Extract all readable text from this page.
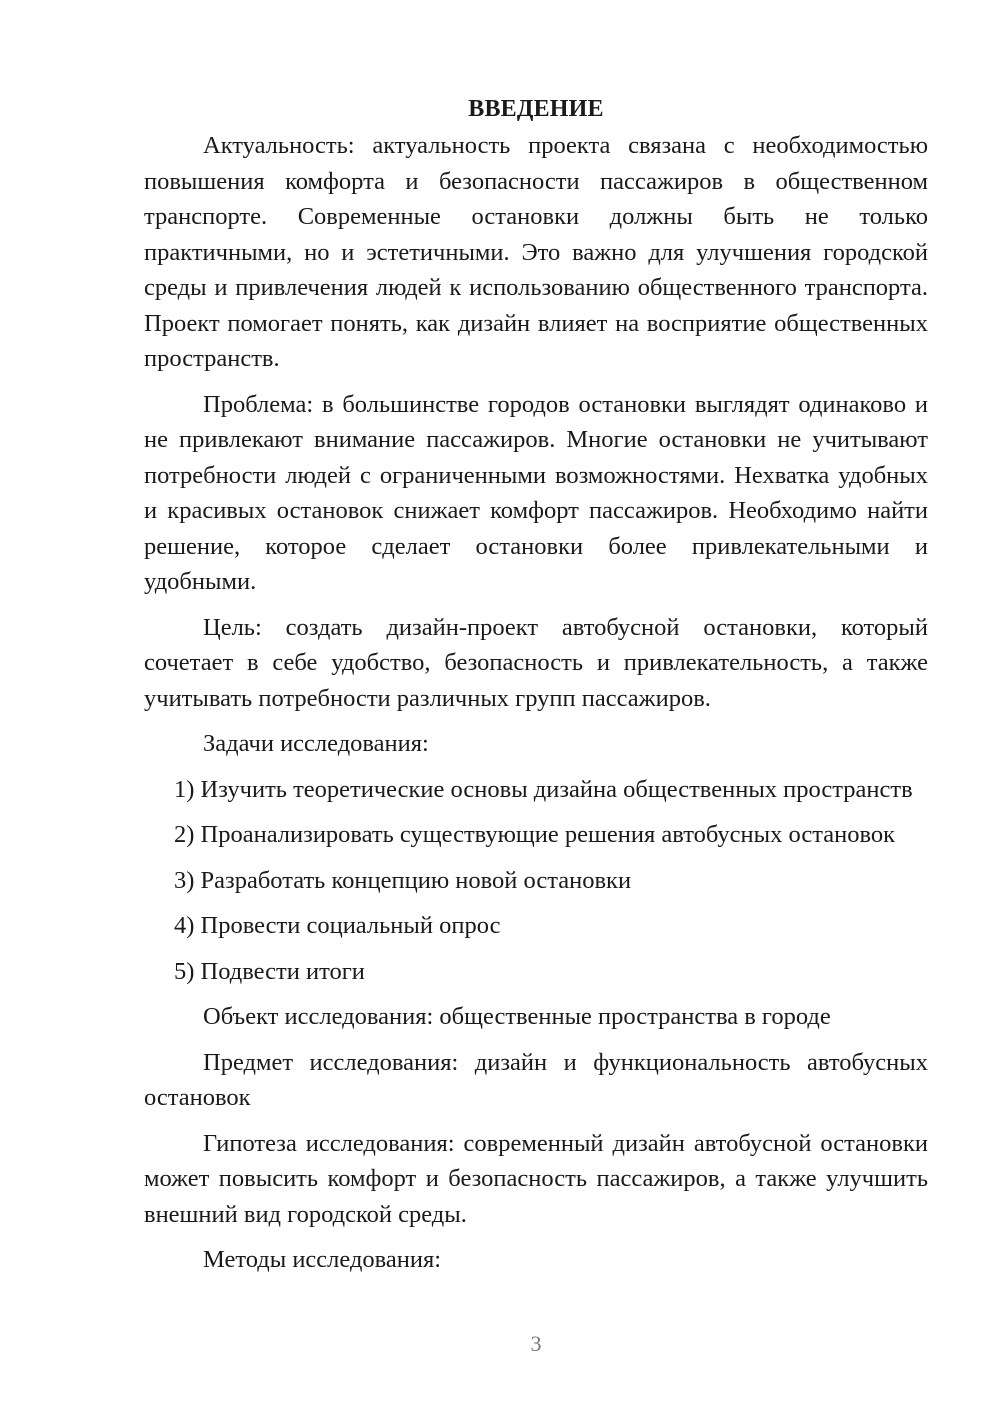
ВВЕДЕНИЕ

Актуальность: актуальность проекта связана с необходимостью повышения комфорта и безопасности пассажиров в общественном транспорте. Современные остановки должны быть не только практичными, но и эстетичными. Это важно для улучшения городской среды и привлечения людей к использованию общественного транспорта. Проект помогает понять, как дизайн влияет на восприятие общественных пространств.

Проблема: в большинстве городов остановки выглядят одинаково и не привлекают внимание пассажиров. Многие остановки не учитывают потребности людей с ограниченными возможностями. Нехватка удобных и красивых остановок снижает комфорт пассажиров. Необходимо найти решение, которое сделает остановки более привлекательными и удобными.

Цель: создать дизайн-проект автобусной остановки, который сочетает в себе удобство, безопасность и привлекательность, а также учитывать потребности различных групп пассажиров.

Задачи исследования:

1) Изучить теоретические основы дизайна общественных пространств
2) Проанализировать существующие решения автобусных остановок
3) Разработать концепцию новой остановки
4) Провести социальный опрос
5) Подвести итоги

Объект исследования: общественные пространства в городе

Предмет исследования: дизайн и функциональность автобусных остановок

Гипотеза исследования: современный дизайн автобусной остановки может повысить комфорт и безопасность пассажиров, а также улучшить внешний вид городской среды.

Методы исследования:

3
